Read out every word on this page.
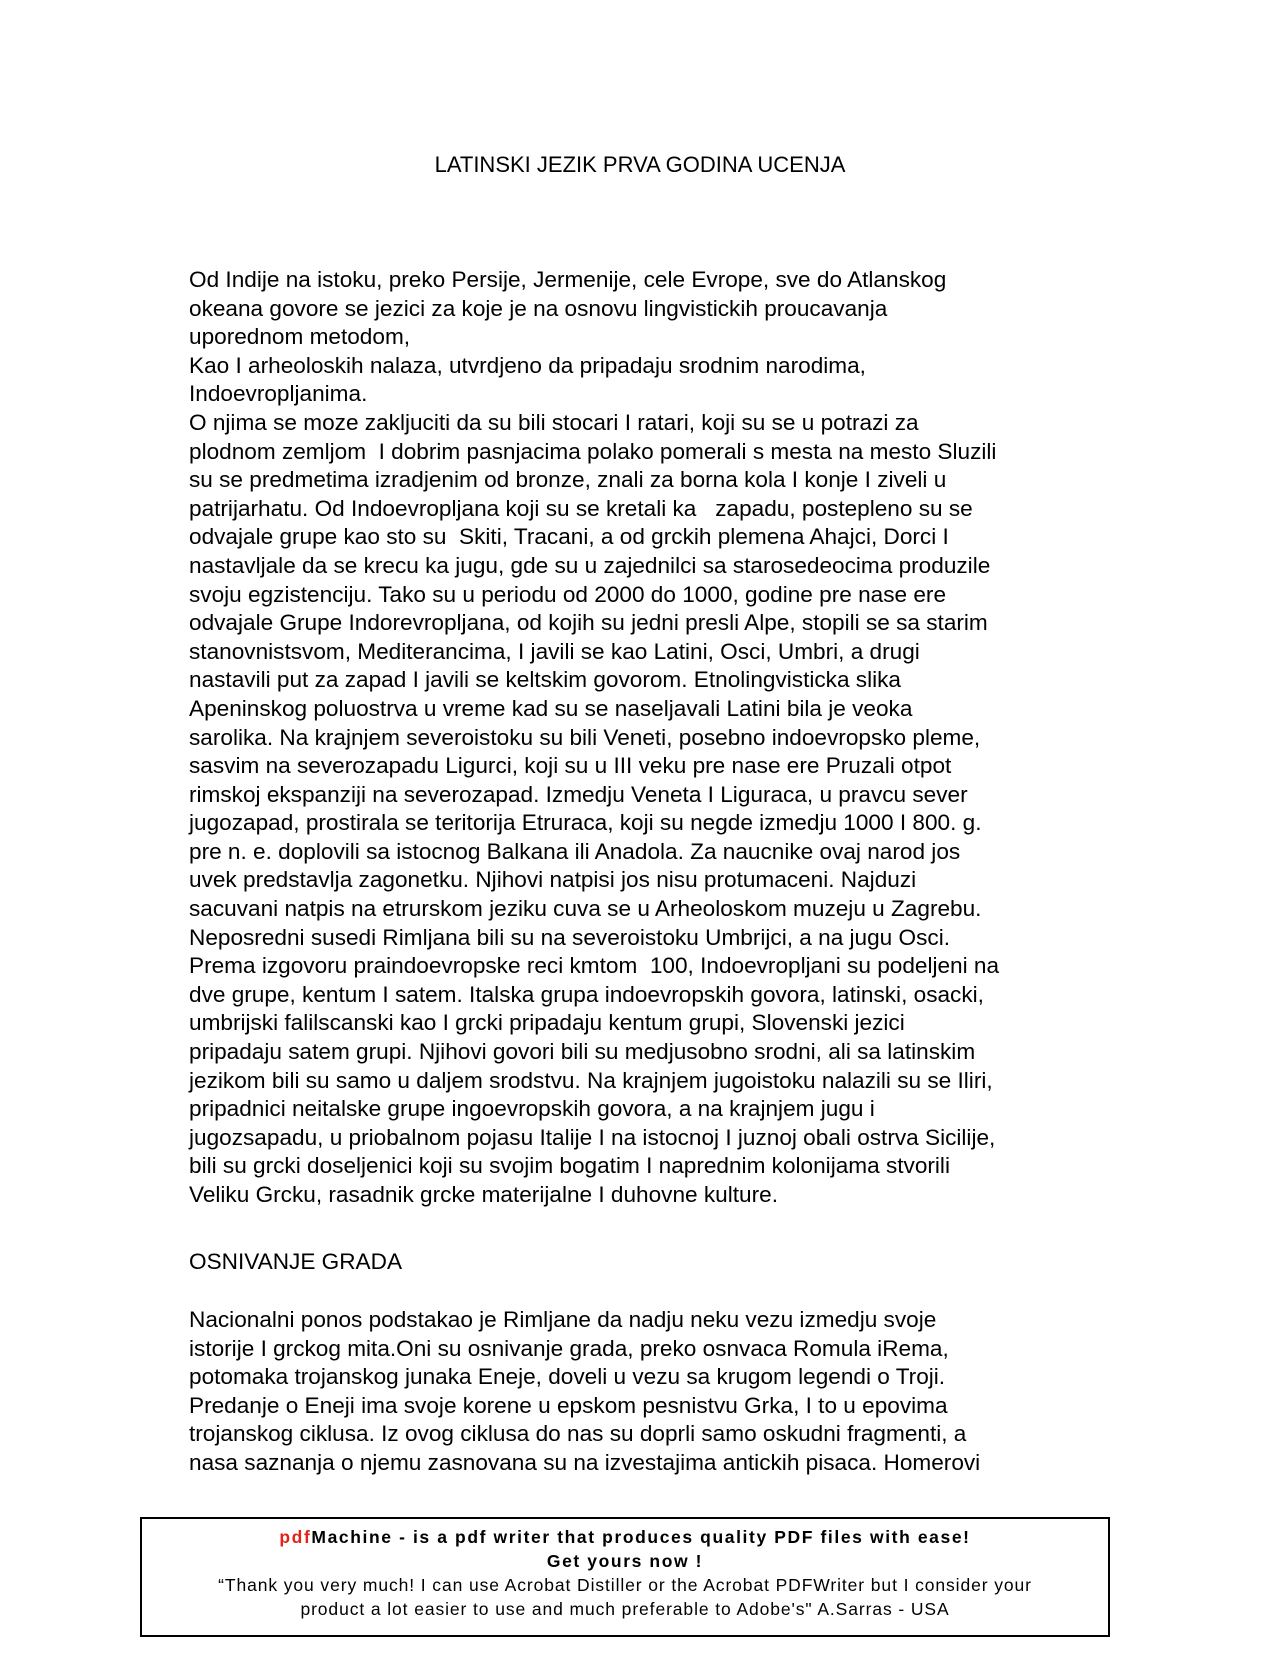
LATINSKI JEZIK PRVA GODINA UCENJA
Od Indije na istoku, preko Persije, Jermenije, cele Evrope, sve do Atlanskog
okeana govore se jezici za koje je na osnovu lingvistickih proucavanja
uporednom metodom,
Kao I arheoloskih nalaza, utvrdjeno da pripadaju srodnim narodima,
Indoevropljanima.
O njima se moze zakljuciti da su bili stocari I ratari, koji su se u potrazi za
plodnom zemljom  I dobrim pasnjacima polako pomerali s mesta na mesto Sluzili
su se predmetima izradjenim od bronze, znali za borna kola I konje I ziveli u
patrijarhatu. Od Indoevropljana koji su se kretali ka   zapadu, postepleno su se
odvajale grupe kao sto su  Skiti, Tracani, a od grckih plemena Ahajci, Dorci I
nastavljale da se krecu ka jugu, gde su u zajednilci sa starosedeocima produzile
svoju egzistenciju. Tako su u periodu od 2000 do 1000, godine pre nase ere
odvajale Grupe Indorevropljana, od kojih su jedni presli Alpe, stopili se sa starim
stanovnistsvom, Mediterancima, I javili se kao Latini, Osci, Umbri, a drugi
nastavili put za zapad I javili se keltskim govorom. Etnolingvisticka slika
Apeninskog poluostrva u vreme kad su se naseljavali Latini bila je veoka
sarolika. Na krajnjem severoistoku su bili Veneti, posebno indoevropsko pleme,
sasvim na severozapadu Ligurci, koji su u III veku pre nase ere Pruzali otpot
rimskoj ekspanziji na severozapad. Izmedju Veneta I Liguraca, u pravcu sever
jugozapad, prostirala se teritorija Etruraca, koji su negde izmedju 1000 I 800. g.
pre n. e. doplovili sa istocnog Balkana ili Anadola. Za naucnike ovaj narod jos
uvek predstavlja zagonetku. Njihovi natpisi jos nisu protumaceni. Najduzi
sacuvani natpis na etrurskom jeziku cuva se u Arheoloskom muzeju u Zagrebu.
Neposredni susedi Rimljana bili su na severoistoku Umbrijci, a na jugu Osci.
Prema izgovoru praindoevropske reci kmtom  100, Indoevropljani su podeljeni na
dve grupe, kentum I satem. Italska grupa indoevropskih govora, latinski, osacki,
umbrijski falilscanski kao I grcki pripadaju kentum grupi, Slovenski jezici
pripadaju satem grupi. Njihovi govori bili su medjusobno srodni, ali sa latinskim
jezikom bili su samo u daljem srodstvu. Na krajnjem jugoistoku nalazili su se Iliri,
pripadnici neitalske grupe ingoevropskih govora, a na krajnjem jugu i
jugozsapadu, u priobalnom pojasu Italije I na istocnoj I juznoj obali ostrva Sicilije,
bili su grcki doseljenici koji su svojim bogatim I naprednim kolonijama stvorili
Veliku Grcku, rasadnik grcke materijalne I duhovne kulture.
OSNIVANJE GRADA
Nacionalni ponos podstakao je Rimljane da nadju neku vezu izmedju svoje
istorije I grckog mita.Oni su osnivanje grada, preko osnvaca Romula iRema,
potomaka trojanskog junaka Eneje, doveli u vezu sa krugom legendi o Troji.
Predanje o Eneji ima svoje korene u epskom pesnistvu Grka, I to u epovima
trojanskog ciklusa. Iz ovog ciklusa do nas su doprli samo oskudni fragmenti, a
nasa saznanja o njemu zasnovana su na izvestajima antickih pisaca. Homerovi
pdfMachine - is a pdf writer that produces quality PDF files with ease!
Get yours now !
“Thank you very much! I can use Acrobat Distiller or the Acrobat PDFWriter but I consider your
product a lot easier to use and much preferable to Adobe's" A.Sarras - USA
